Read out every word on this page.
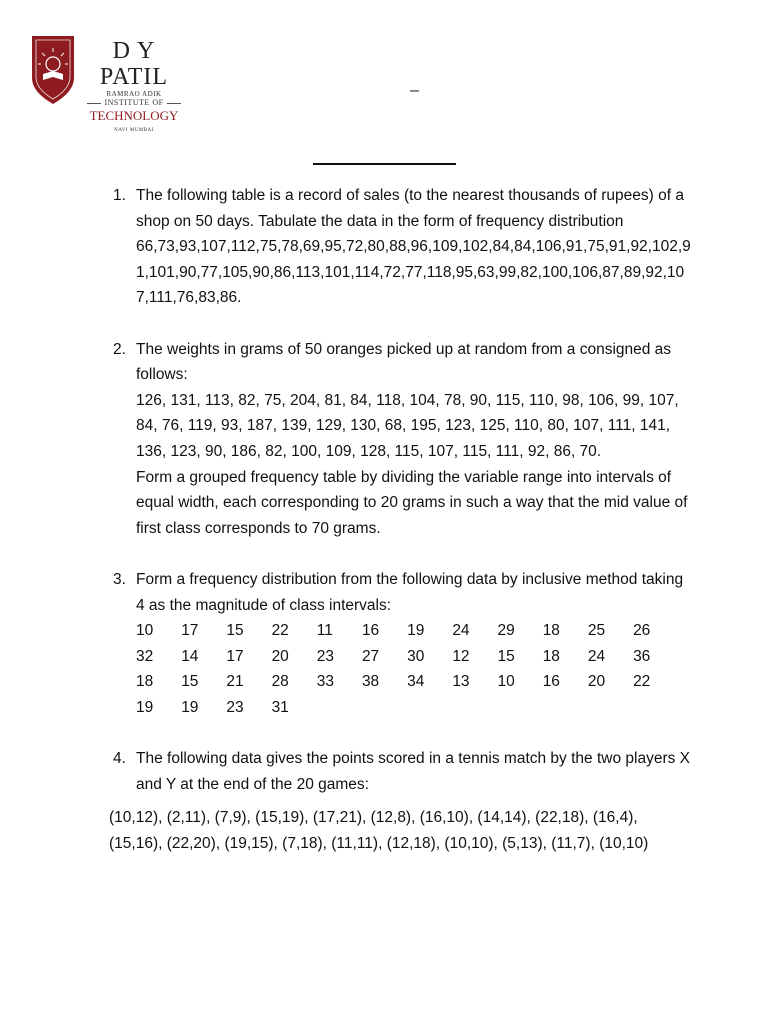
D Y PATIL
RAMRAO ADIK
INSTITUTE OF
TECHNOLOGY
NAVI MUMBAI
–
1. The following table is a record of sales (to the nearest thousands of rupees) of a shop on 50 days. Tabulate the data in the form of frequency distribution

66,73,93,107,112,75,78,69,95,72,80,88,96,109,102,84,84,106,91,75,91,92,102,91,101,90,77,105,90,86,113,101,114,72,77,118,95,63,99,82,100,106,87,89,92,107,111,76,83,86.

2. The weights in grams of 50 oranges picked up at random from a consigned as follows:

126, 131, 113, 82, 75, 204, 81, 84, 118, 104, 78, 90, 115, 110, 98, 106, 99, 107, 84, 76, 119, 93, 187, 139, 129, 130, 68, 195, 123, 125, 110, 80, 107, 111, 141, 136, 123, 90, 186, 82, 100, 109, 128, 115, 107, 115, 111, 92, 86, 70.

Form a grouped frequency table by dividing the variable range into intervals of equal width, each corresponding to 20 grams in such a way that the mid value of first class corresponds to 70 grams.

3. Form a frequency distribution from the following data by inclusive method taking 4 as the magnitude of class intervals:

10	17	15	22	11	16	19	24	29	18	25	26
32	14	17	20	23	27	30	12	15	18	24	36
18	15	21	28	33	38	34	13	10	16	20	22
19	19	23	31								
4. The following data gives the points scored in a tennis match by the two players X and Y at the end of the 20 games:

(10,12), (2,11), (7,9), (15,19), (17,21), (12,8), (16,10), (14,14), (22,18), (16,4), (15,16), (22,20), (19,15), (7,18), (11,11), (12,18), (10,10), (5,13), (11,7), (10,10)
